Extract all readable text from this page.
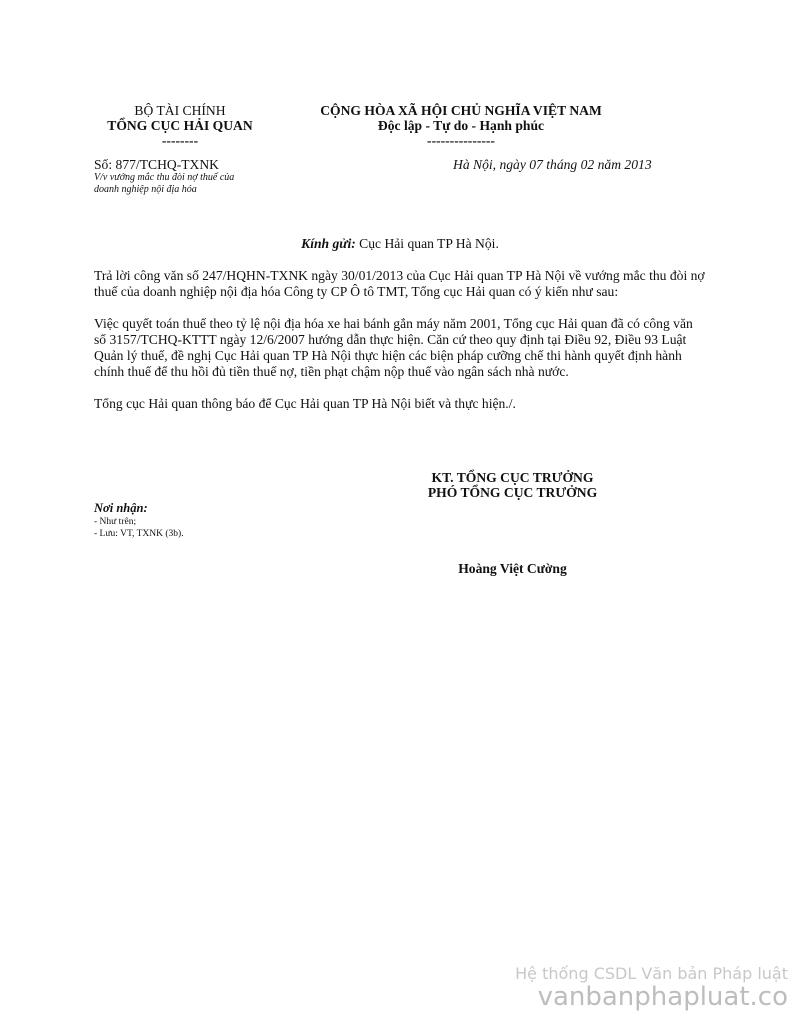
BỘ TÀI CHÍNH
TỔNG CỤC HẢI QUAN
--------
CỘNG HÒA XÃ HỘI CHỦ NGHĨA VIỆT NAM
Độc lập - Tự do - Hạnh phúc
---------------
Số: 877/TCHQ-TXNK
V/v vướng mắc thu đòi nợ thuế của
doanh nghiệp nội địa hóa
Hà Nội, ngày 07 tháng 02 năm 2013
Kính gửi: Cục Hải quan TP Hà Nội.
Trả lời công văn số 247/HQHN-TXNK ngày 30/01/2013 của Cục Hải quan TP Hà Nội về vướng mắc thu đòi nợ thuế của doanh nghiệp nội địa hóa Công ty CP Ô tô TMT, Tổng cục Hải quan có ý kiến như sau:
Việc quyết toán thuế theo tỷ lệ nội địa hóa xe hai bánh gắn máy năm 2001, Tổng cục Hải quan đã có công văn số 3157/TCHQ-KTTT ngày 12/6/2007 hướng dẫn thực hiện. Căn cứ theo quy định tại Điều 92, Điều 93 Luật Quản lý thuế, đề nghị Cục Hải quan TP Hà Nội thực hiện các biện pháp cưỡng chế thi hành quyết định hành chính thuế để thu hồi đủ tiền thuế nợ, tiền phạt chậm nộp thuế vào ngân sách nhà nước.
Tổng cục Hải quan thông báo để Cục Hải quan TP Hà Nội biết và thực hiện./.
KT. TỔNG CỤC TRƯỞNG
PHÓ TỔNG CỤC TRƯỞNG
Hoàng Việt Cường
Nơi nhận:
- Như trên;
- Lưu: VT, TXNK (3b).
Hệ thống CSDL Văn bản Pháp luật
vanbanphapluat.co
